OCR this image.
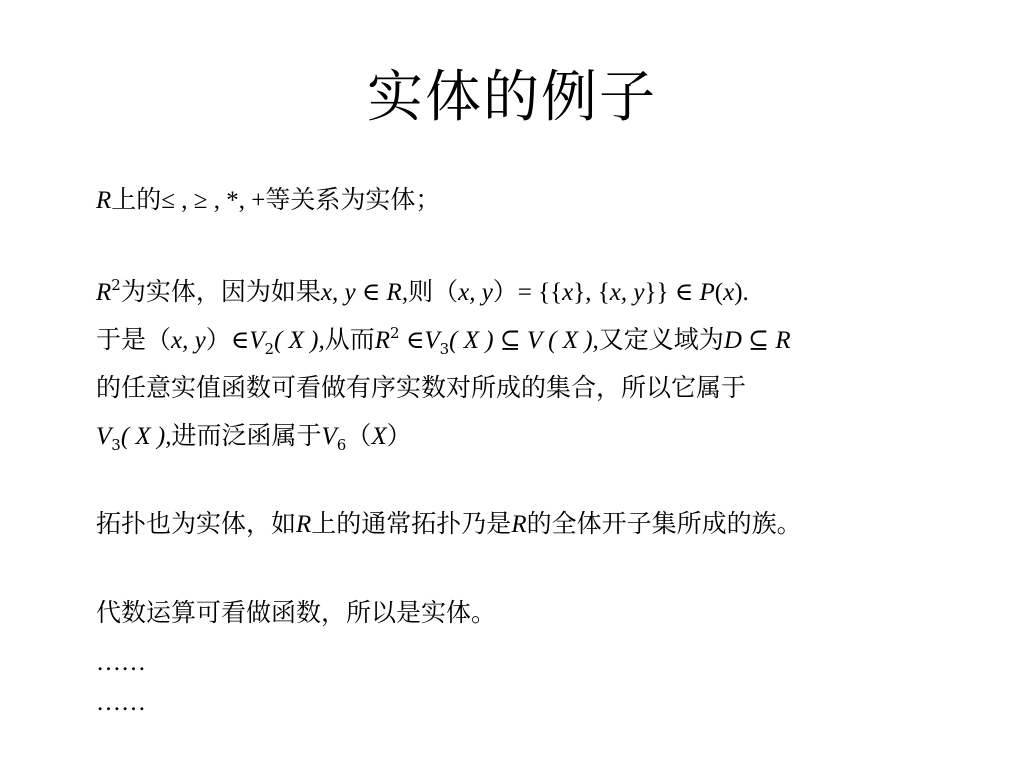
实体的例子
R上的≤ , ≥ , *, +等关系为实体；
$R^2$为实体，因为如果x, y ∈ R,则（x, y）= {{x}, {x, y}} ∈ P(x).
于是（x, $y)\in V_2$( X ),从而$R^2$ $\in V_3$( X ) ⊆ V ( X ),又定义域为D ⊆ R
的任意实值函数可看做有序实数对所成的集合，所以它属于
$V_3$( X ),进而泛函属于$V_6(X)$
拓扑也为实体，如R上的通常拓扑乃是R的全体开子集所成的族。
代数运算可看做函数，所以是实体。
……
……
